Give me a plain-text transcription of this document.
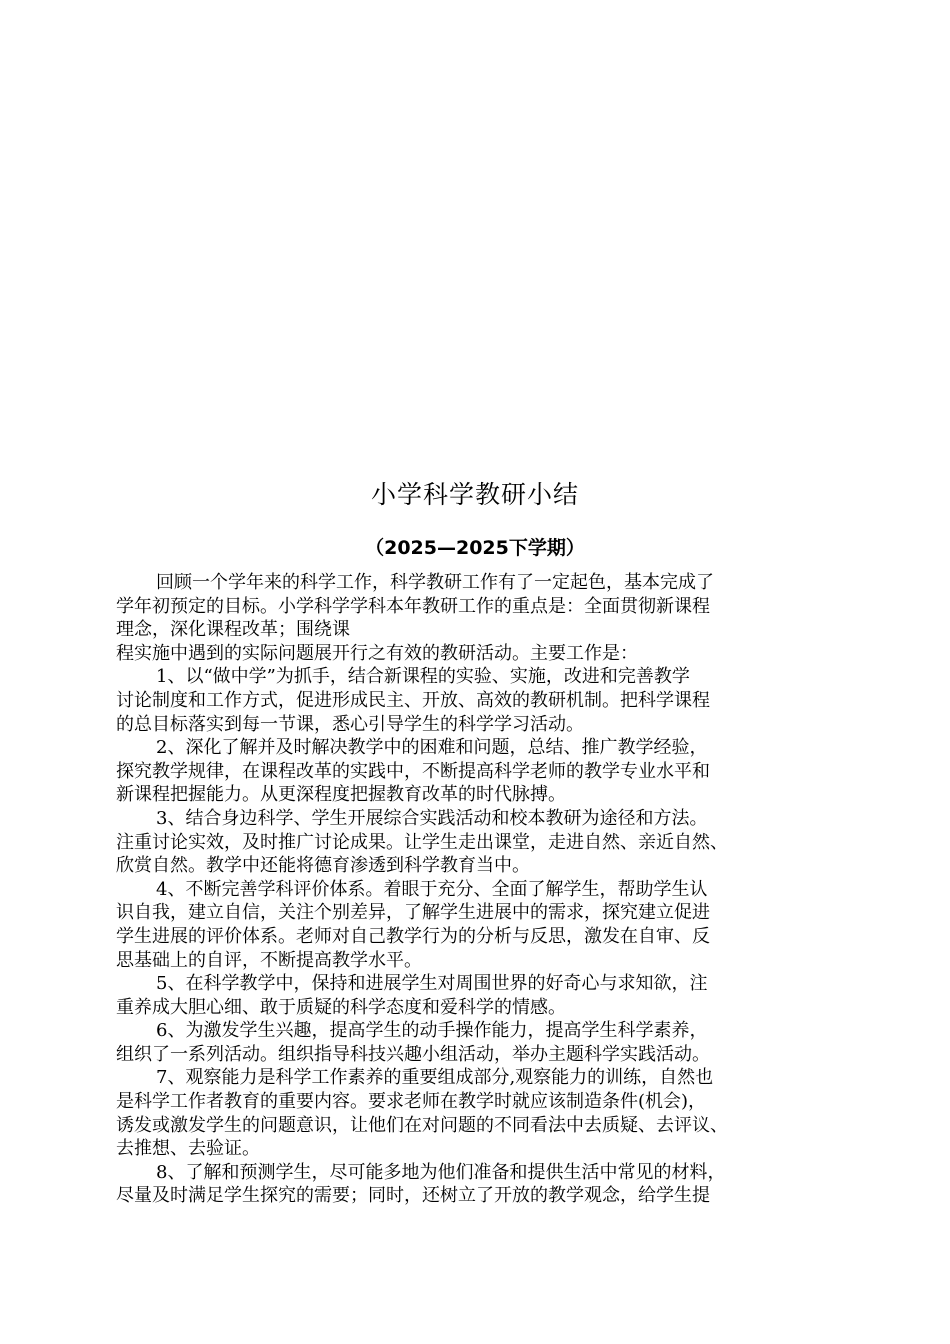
小学科学教研小结
（2025—2025下学期）
回顾一个学年来的科学工作，科学教研工作有了一定起色，基本完成了
学年初预定的目标。小学科学学科本年教研工作的重点是：全面贯彻新课程
理念，深化课程改革；围绕课
程实施中遇到的实际问题展开行之有效的教研活动。主要工作是：
1、以“做中学”为抓手，结合新课程的实验、实施，改进和完善教学
讨论制度和工作方式，促进形成民主、开放、高效的教研机制。把科学课程
的总目标落实到每一节课，悉心引导学生的科学学习活动。
2、深化了解并及时解决教学中的困难和问题，总结、推广教学经验，
探究教学规律，在课程改革的实践中，不断提高科学老师的教学专业水平和
新课程把握能力。从更深程度把握教育改革的时代脉搏。
3、结合身边科学、学生开展综合实践活动和校本教研为途径和方法。
注重讨论实效，及时推广讨论成果。让学生走出课堂，走进自然、亲近自然、
欣赏自然。教学中还能将德育渗透到科学教育当中。
4、不断完善学科评价体系。着眼于充分、全面了解学生，帮助学生认
识自我，建立自信，关注个别差异，了解学生进展中的需求，探究建立促进
学生进展的评价体系。老师对自己教学行为的分析与反思，激发在自审、反
思基础上的自评，不断提高教学水平。
5、在科学教学中，保持和进展学生对周围世界的好奇心与求知欲，注
重养成大胆心细、敢于质疑的科学态度和爱科学的情感。
6、为激发学生兴趣，提高学生的动手操作能力，提高学生科学素养，
组织了一系列活动。组织指导科技兴趣小组活动，举办主题科学实践活动。
7、观察能力是科学工作素养的重要组成部分,观察能力的训练，自然也
是科学工作者教育的重要内容。要求老师在教学时就应该制造条件(机会)，
诱发或激发学生的问题意识，让他们在对问题的不同看法中去质疑、去评议、
去推想、去验证。
8、了解和预测学生，尽可能多地为他们准备和提供生活中常见的材料，
尽量及时满足学生探究的需要；同时，还树立了开放的教学观念，给学生提
